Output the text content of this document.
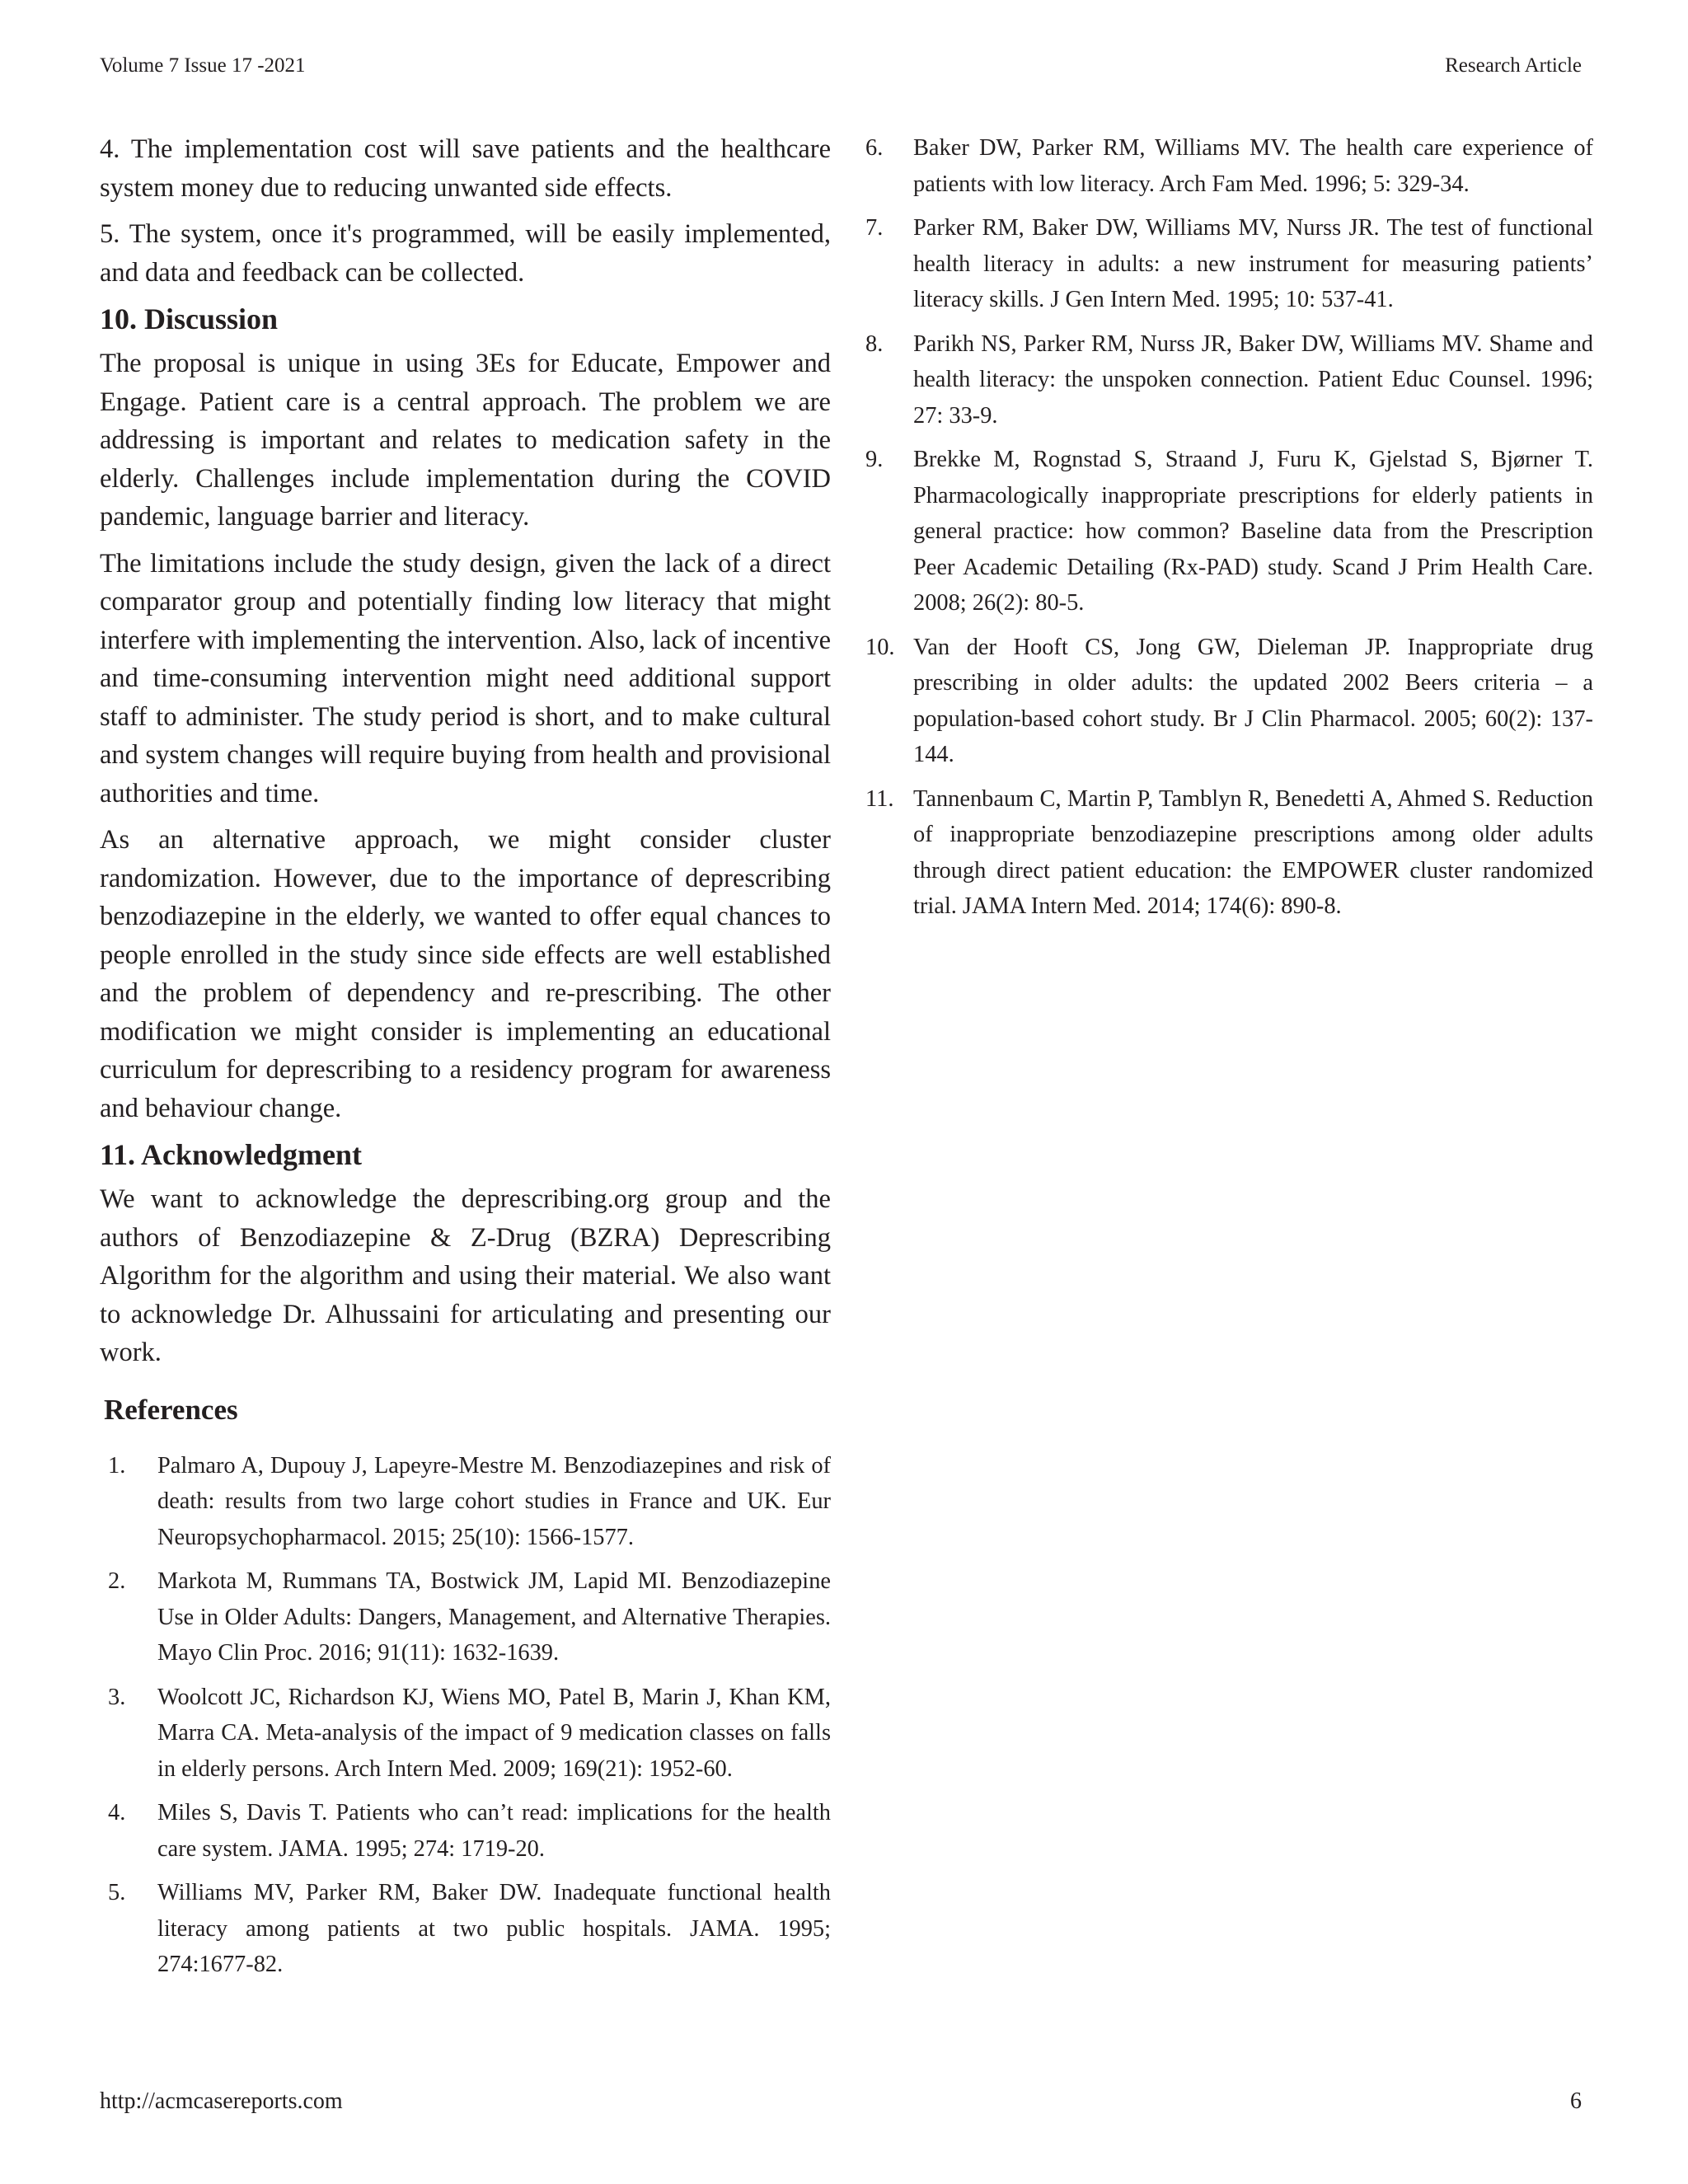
Volume 7 Issue 17 -2021	Research Article

4. The implementation cost will save patients and the healthcare system money due to reducing unwanted side effects.

5. The system, once it's programmed, will be easily implemented, and data and feedback can be collected.

10. Discussion

The proposal is unique in using 3Es for Educate, Empower and Engage. Patient care is a central approach. The problem we are addressing is important and relates to medication safety in the elderly. Challenges include implementation during the COVID pandemic, language barrier and literacy.

The limitations include the study design, given the lack of a direct comparator group and potentially finding low literacy that might interfere with implementing the intervention. Also, lack of incentive and time-consuming intervention might need additional support staff to administer. The study period is short, and to make cultural and system changes will require buying from health and provisional authorities and time.

As an alternative approach, we might consider cluster randomization. However, due to the importance of deprescribing benzodiazepine in the elderly, we wanted to offer equal chances to people enrolled in the study since side effects are well established and the problem of dependency and re-prescribing. The other modification we might consider is implementing an educational curriculum for deprescribing to a residency program for awareness and behaviour change.

11. Acknowledgment

We want to acknowledge the deprescribing.org group and the authors of Benzodiazepine & Z-Drug (BZRA) Deprescribing Algorithm for the algorithm and using their material. We also want to acknowledge Dr. Alhussaini for articulating and presenting our work.

References
1.	Palmaro A, Dupouy J, Lapeyre-Mestre M. Benzodiazepines and risk of death: results from two large cohort studies in France and UK. Eur Neuropsychopharmacol. 2015; 25(10): 1566-1577.
2.	Markota M, Rummans TA, Bostwick JM, Lapid MI. Benzodiazepine Use in Older Adults: Dangers, Management, and Alternative Therapies. Mayo Clin Proc. 2016; 91(11): 1632-1639.
3.	Woolcott JC, Richardson KJ, Wiens MO, Patel B, Marin J, Khan KM, Marra CA. Meta-analysis of the impact of 9 medication classes on falls in elderly persons. Arch Intern Med. 2009; 169(21): 1952-60.
4.	Miles S, Davis T. Patients who can’t read: implications for the health care system. JAMA. 1995; 274: 1719-20.
5.	Williams MV, Parker RM, Baker DW. Inadequate functional health literacy among patients at two public hospitals. JAMA. 1995; 274:1677-82.
6.	Baker DW, Parker RM, Williams MV. The health care experience of patients with low literacy. Arch Fam Med. 1996; 5: 329-34.
7.	Parker RM, Baker DW, Williams MV, Nurss JR. The test of functional health literacy in adults: a new instrument for measuring patients’ literacy skills. J Gen Intern Med. 1995; 10: 537-41.
8.	Parikh NS, Parker RM, Nurss JR, Baker DW, Williams MV. Shame and health literacy: the unspoken connection. Patient Educ Counsel. 1996; 27: 33-9.
9.	Brekke M, Rognstad S, Straand J, Furu K, Gjelstad S, Bjørner T. Pharmacologically inappropriate prescriptions for elderly patients in general practice: how common? Baseline data from the Prescription Peer Academic Detailing (Rx-PAD) study. Scand J Prim Health Care. 2008; 26(2): 80-5.
10. Van der Hooft CS, Jong GW, Dieleman JP. Inappropriate drug prescribing in older adults: the updated 2002 Beers criteria – a population-based cohort study. Br J Clin Pharmacol. 2005; 60(2): 137-144.
11. Tannenbaum C, Martin P, Tamblyn R, Benedetti A, Ahmed S. Reduction of inappropriate benzodiazepine prescriptions among older adults through direct patient education: the EMPOWER cluster randomized trial. JAMA Intern Med. 2014; 174(6): 890-8.
http://acmcasereports.com	6
